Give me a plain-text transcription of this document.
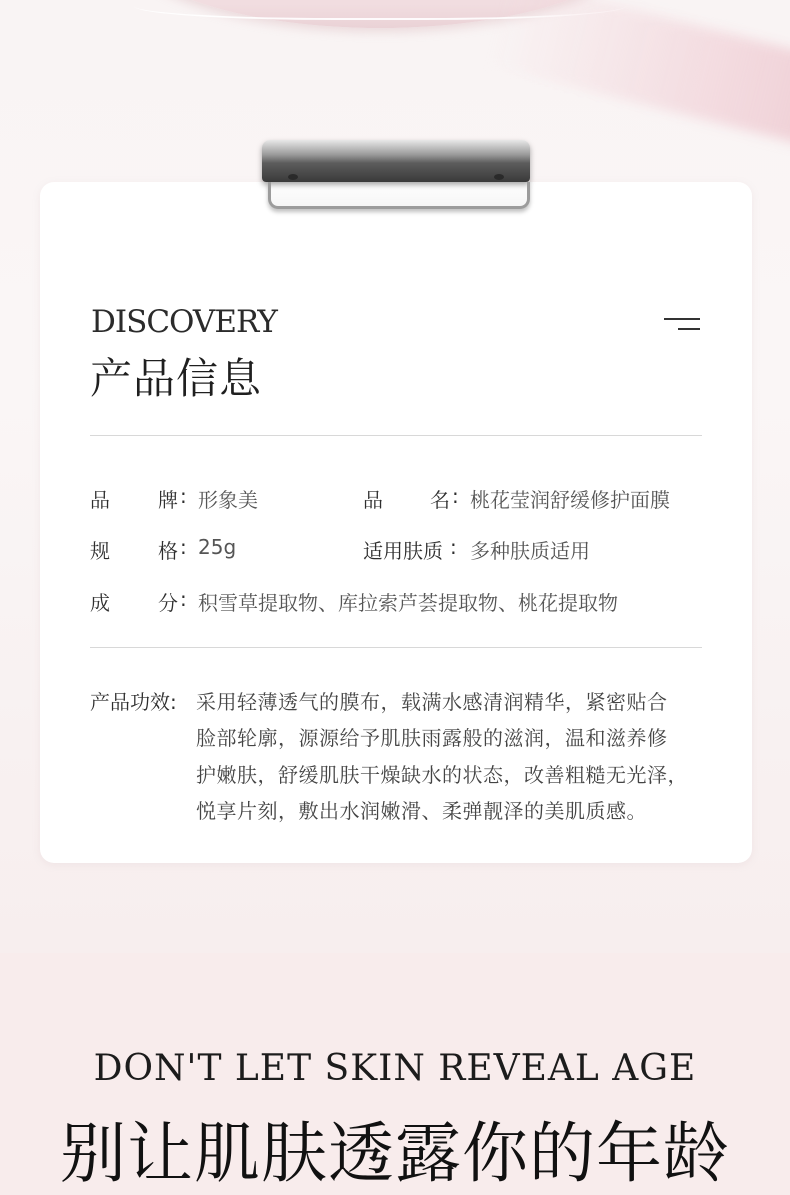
DISCOVERY
产品信息
品 牌 : 形象美	品 名 : 桃花莹润舒缓修护面膜
规 格 : 25g	适用肤质 : 多种肤质适用
成 分 : 积雪草提取物、库拉索芦荟提取物、桃花提取物
产品功效: 采用轻薄透气的膜布，载满水感清润精华，紧密贴合
脸部轮廓，源源给予肌肤雨露般的滋润，温和滋养修
护嫩肤，舒缓肌肤干燥缺水的状态，改善粗糙无光泽，
悦享片刻，敷出水润嫩滑、柔弹靓泽的美肌质感。
DON'T LET SKIN REVEAL AGE
别让肌肤透露你的年龄
